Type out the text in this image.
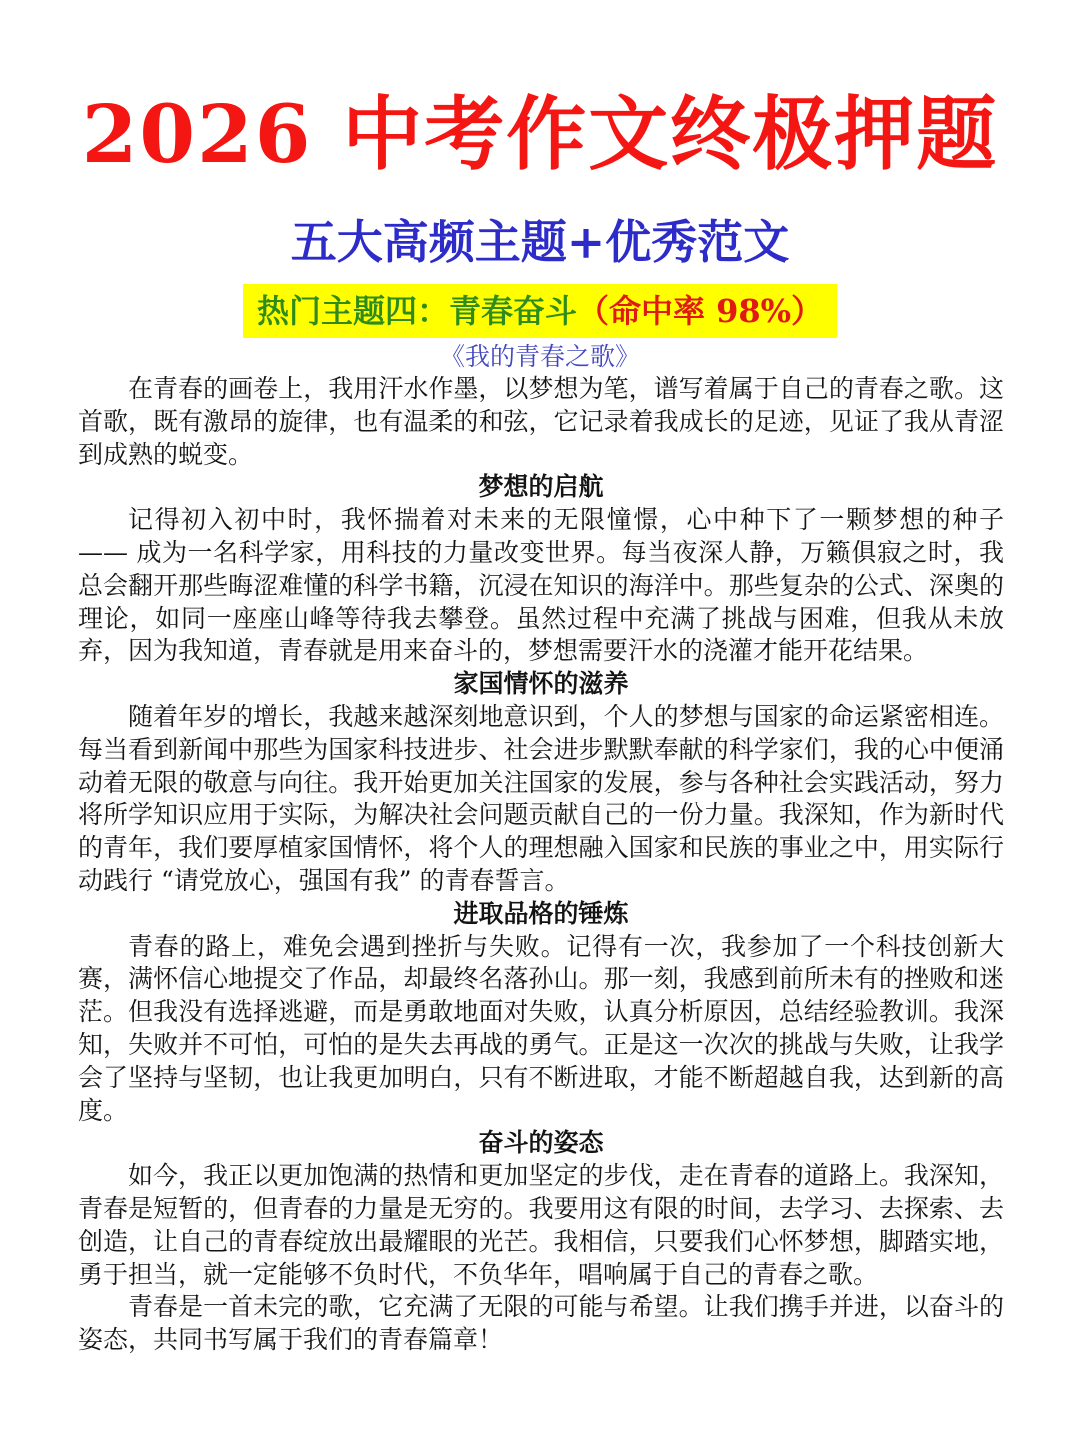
2026 中考作文终极押题
五大高频主题+优秀范文
热门主题四：青春奋斗（命中率 98%）

《我的青春之歌》

在青春的画卷上，我用汗水作墨，以梦想为笔，谱写着属于自己的青春之歌。这首歌，既有激昂的旋律，也有温柔的和弦，它记录着我成长的足迹，见证了我从青涩到成熟的蜕变。

梦想的启航

记得初入初中时，我怀揣着对未来的无限憧憬，心中种下了一颗梦想的种子 —— 成为一名科学家，用科技的力量改变世界。每当夜深人静，万籁俱寂之时，我总会翻开那些晦涩难懂的科学书籍，沉浸在知识的海洋中。那些复杂的公式、深奥的理论，如同一座座山峰等待我去攀登。虽然过程中充满了挑战与困难，但我从未放弃，因为我知道，青春就是用来奋斗的，梦想需要汗水的浇灌才能开花结果。

家国情怀的滋养

随着年岁的增长，我越来越深刻地意识到，个人的梦想与国家的命运紧密相连。每当看到新闻中那些为国家科技进步、社会进步默默奉献的科学家们，我的心中便涌动着无限的敬意与向往。我开始更加关注国家的发展，参与各种社会实践活动，努力将所学知识应用于实际，为解决社会问题贡献自己的一份力量。我深知，作为新时代的青年，我们要厚植家国情怀，将个人的理想融入国家和民族的事业之中，用实际行动践行 “请党放心，强国有我” 的青春誓言。

进取品格的锤炼

青春的路上，难免会遇到挫折与失败。记得有一次，我参加了一个科技创新大赛，满怀信心地提交了作品，却最终名落孙山。那一刻，我感到前所未有的挫败和迷茫。但我没有选择逃避，而是勇敢地面对失败，认真分析原因，总结经验教训。我深知，失败并不可怕，可怕的是失去再战的勇气。正是这一次次的挑战与失败，让我学会了坚持与坚韧，也让我更加明白，只有不断进取，才能不断超越自我，达到新的高度。

奋斗的姿态

如今，我正以更加饱满的热情和更加坚定的步伐，走在青春的道路上。我深知，青春是短暂的，但青春的力量是无穷的。我要用这有限的时间，去学习、去探索、去创造，让自己的青春绽放出最耀眼的光芒。我相信，只要我们心怀梦想，脚踏实地，勇于担当，就一定能够不负时代，不负华年，唱响属于自己的青春之歌。

青春是一首未完的歌，它充满了无限的可能与希望。让我们携手并进，以奋斗的姿态，共同书写属于我们的青春篇章！
